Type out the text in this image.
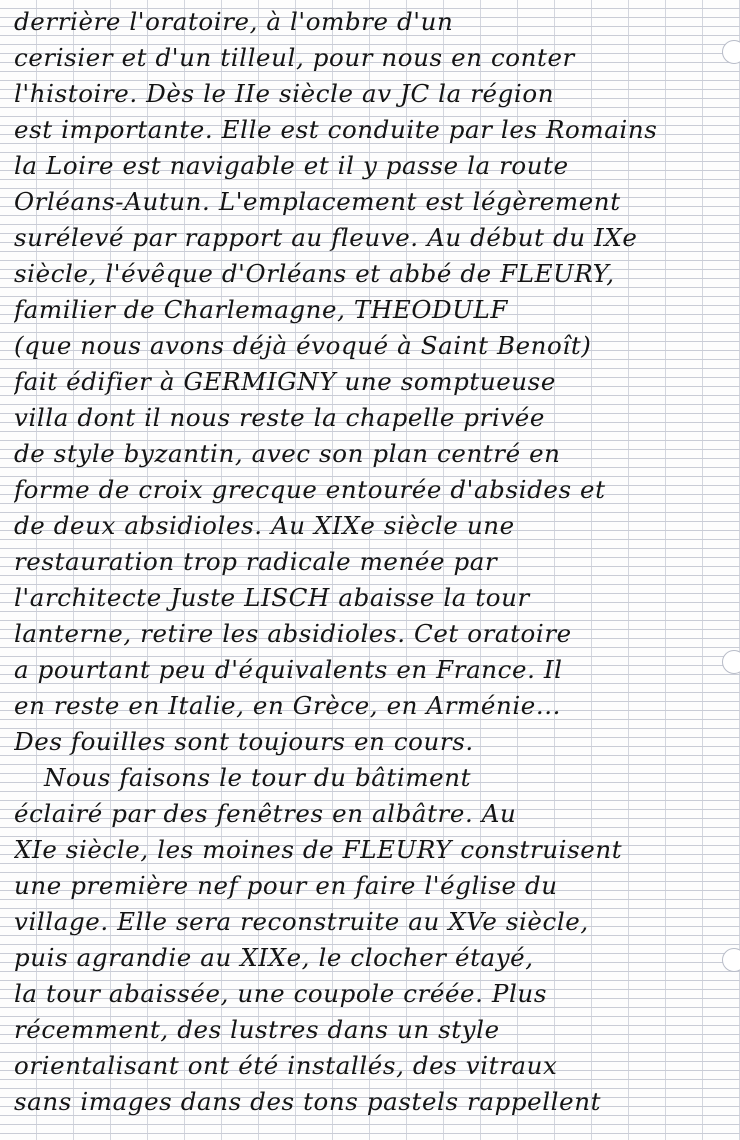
derrière l'oratoire, à l'ombre d'un
cerisier et d'un tilleul, pour nous en conter
l'histoire. Dès le IIe siècle av JC la région
est importante. Elle est conduite par les Romains
la Loire est navigable et il y passe la route
Orléans-Autun. L'emplacement est légèrement
surélevé par rapport au fleuve. Au début du IXe
siècle, l'évêque d'Orléans et abbé de FLEURY,
familier de Charlemagne, THEODULF
(que nous avons déjà évoqué à Saint Benoît)
fait édifier à GERMIGNY une somptueuse
villa dont il nous reste la chapelle privée
de style byzantin, avec son plan centré en
forme de croix grecque entourée d'absides et
de deux absidioles. Au XIXe siècle une
restauration trop radicale menée par
l'architecte Juste LISCH abaisse la tour
lanterne, retire les absidioles. Cet oratoire
a pourtant peu d'équivalents en France. Il
en reste en Italie, en Grèce, en Arménie...
Des fouilles sont toujours en cours.
Nous faisons le tour du bâtiment
éclairé par des fenêtres en albâtre. Au
XIe siècle, les moines de FLEURY construisent
une première nef pour en faire l'église du
village. Elle sera reconstruite au XVe siècle,
puis agrandie au XIXe, le clocher étayé,
la tour abaissée, une coupole créée. Plus
récemment, des lustres dans un style
orientalisant ont été installés, des vitraux
sans images dans des tons pastels rappellent
